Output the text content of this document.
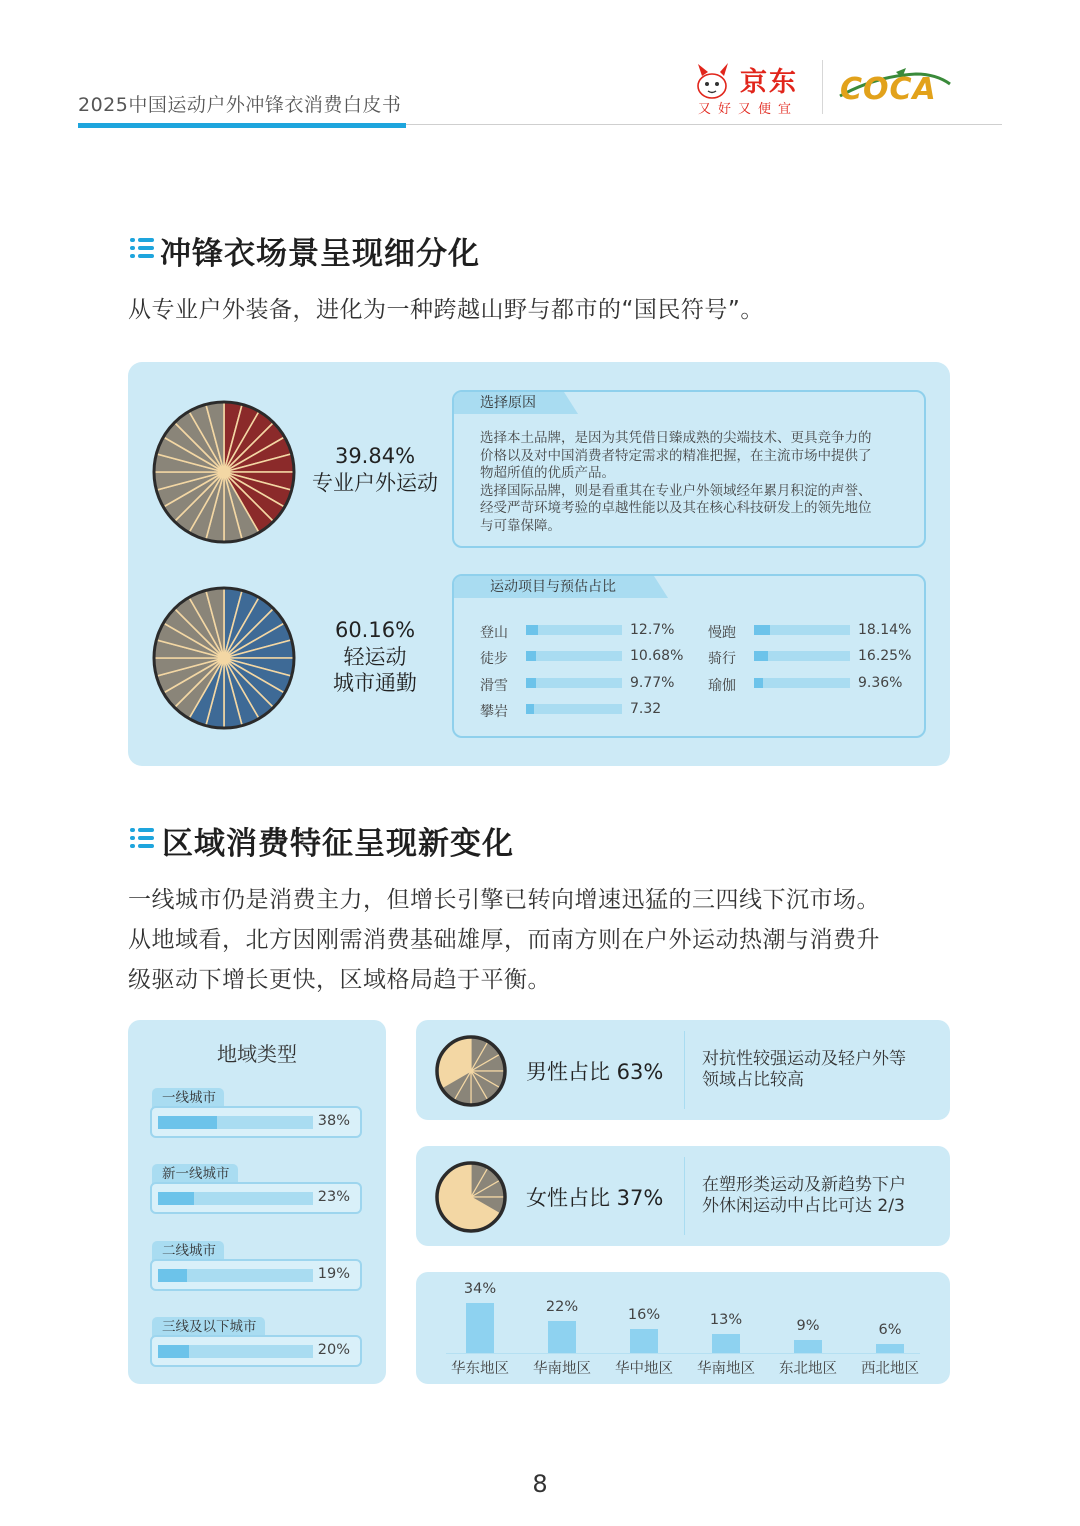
2025中国运动户外冲锋衣消费白皮书
京东
又好又便宜
COCA
冲锋衣场景呈现细分化
从专业户外装备，进化为一种跨越山野与都市的“国民符号”。
39.84%
专业户外运动
60.16%
轻运动
城市通勤
选择原因
选择本土品牌，是因为其凭借日臻成熟的尖端技术、更具竞争力的
价格以及对中国消费者特定需求的精准把握，在主流市场中提供了
物超所值的优质产品。
选择国际品牌，则是看重其在专业户外领域经年累月积淀的声誉、
经受严苛环境考验的卓越性能以及其在核心科技研发上的领先地位
与可靠保障。
运动项目与预估占比
登山	12.7%
徒步	10.68%
滑雪	9.77%
攀岩	7.32
慢跑	18.14%
骑行	16.25%
瑜伽	9.36%
区域消费特征呈现新变化
一线城市仍是消费主力，但增长引擎已转向增速迅猛的三四线下沉市场。
从地域看，北方因刚需消费基础雄厚，而南方则在户外运动热潮与消费升
级驱动下增长更快，区域格局趋于平衡。
地域类型
一线城市
38%
新一线城市
23%
二线城市
19%
三线及以下城市
20%
男性占比 63%
对抗性较强运动及轻户外等
领域占比较高
女性占比 37%
在塑形类运动及新趋势下户
外休闲运动中占比可达 2/3
34%
华东地区
22%
华南地区
16%
华中地区
13%
华南地区
9%
东北地区
6%
西北地区
8
